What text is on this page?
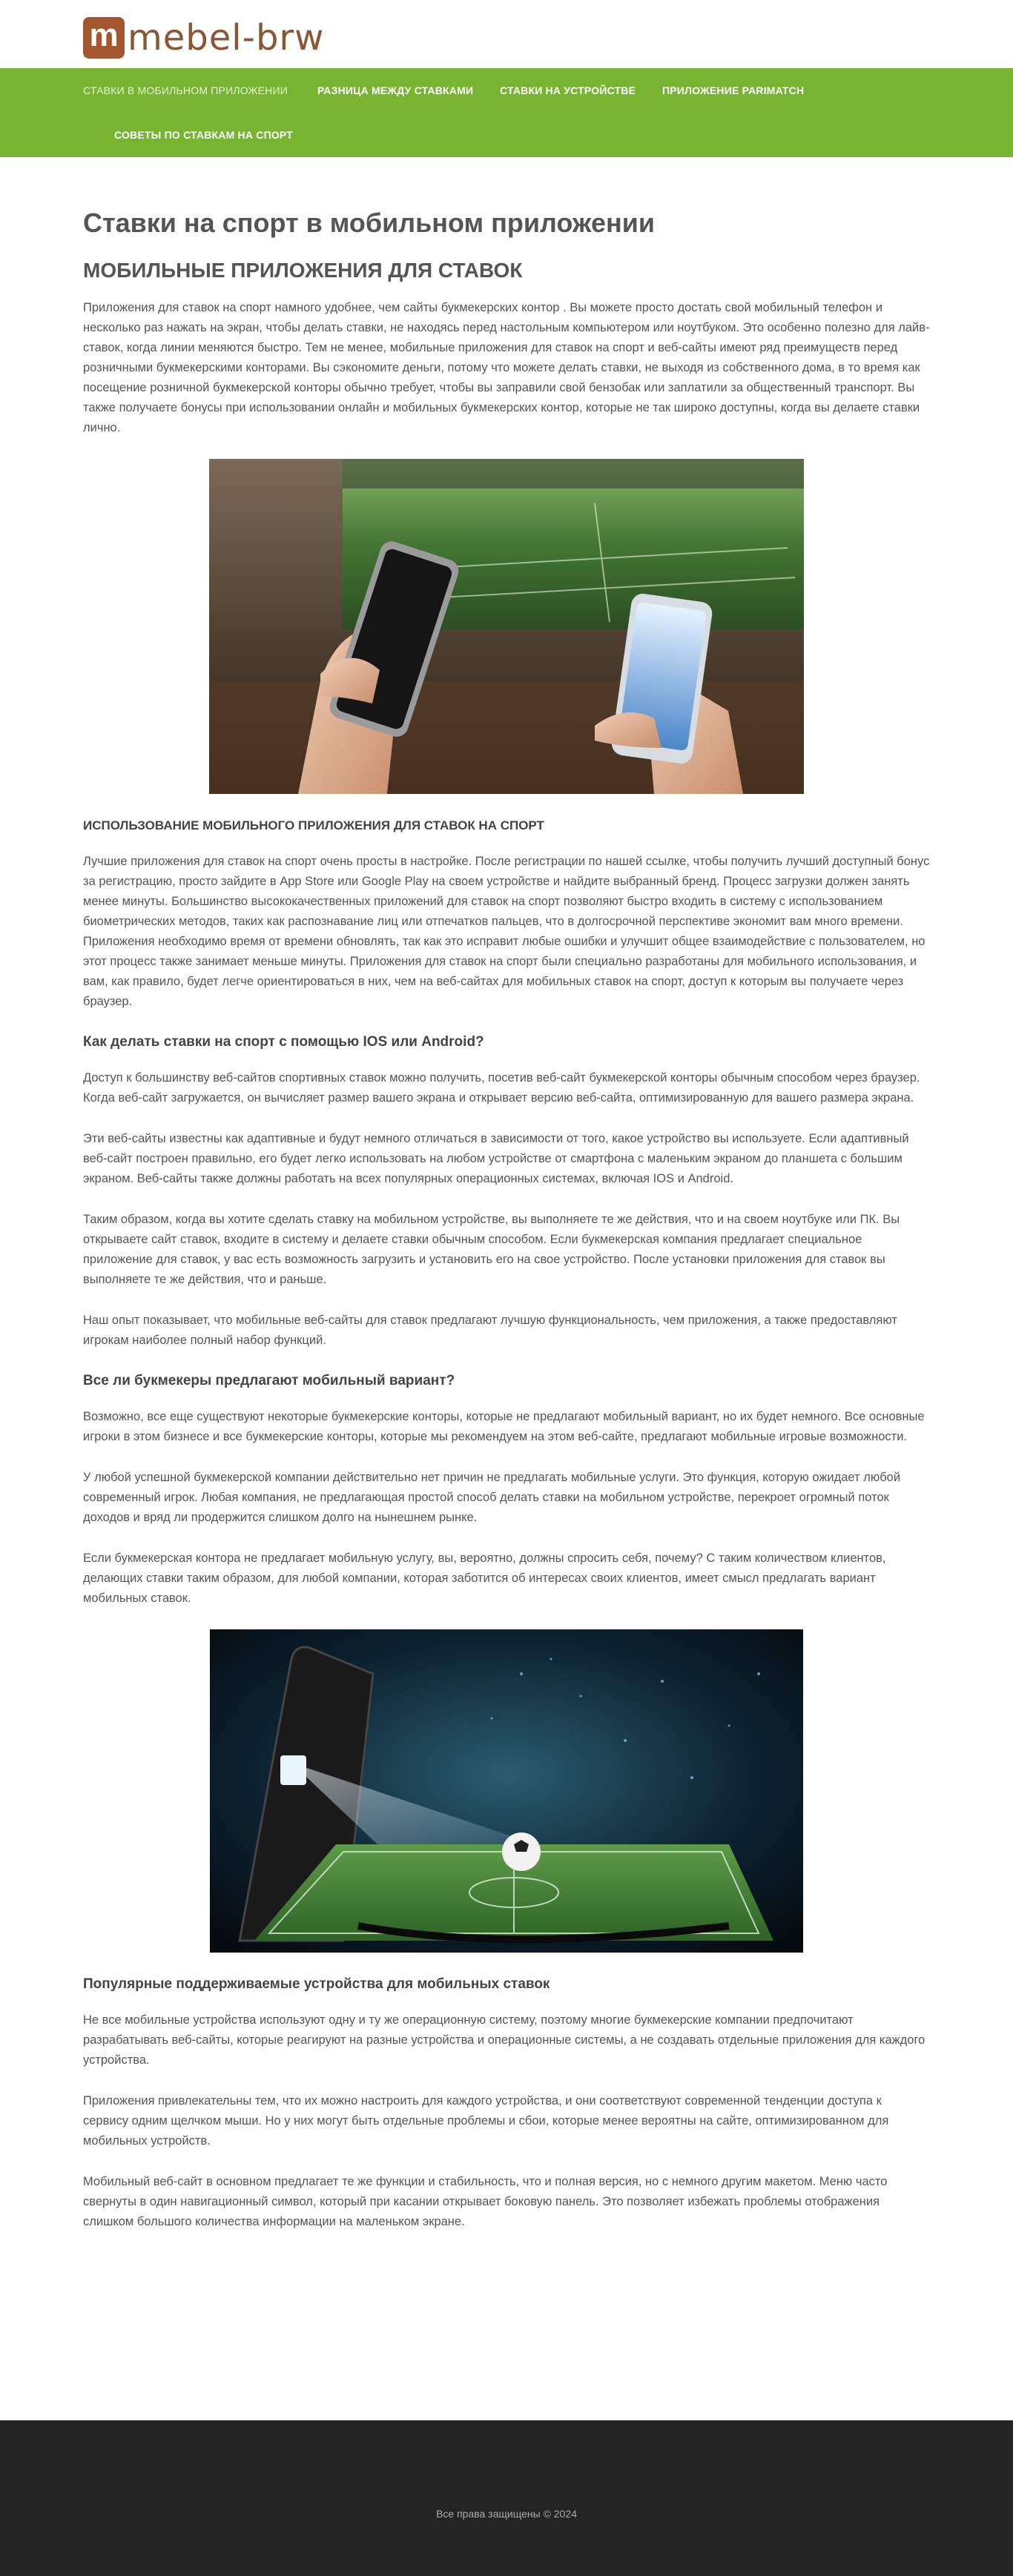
m mebel-brw
СТАВКИ В МОБИЛЬНОМ ПРИЛОЖЕНИИ	РАЗНИЦА МЕЖДУ СТАВКАМИ	СТАВКИ НА УСТРОЙСТВЕ	ПРИЛОЖЕНИЕ PARIMATCH
СОВЕТЫ ПО СТАВКАМ НА СПОРТ
Ставки на спорт в мобильном приложении
МОБИЛЬНЫЕ ПРИЛОЖЕНИЯ ДЛЯ СТАВОК

Приложения для ставок на спорт намного удобнее, чем сайты букмекерских контор . Вы можете просто достать свой мобильный телефон и несколько раз нажать на экран, чтобы делать ставки, не находясь перед настольным компьютером или ноутбуком. Это особенно полезно для лайв-ставок, когда линии меняются быстро. Тем не менее, мобильные приложения для ставок на спорт и веб-сайты имеют ряд преимуществ перед розничными букмекерскими конторами. Вы сэкономите деньги, потому что можете делать ставки, не выходя из собственного дома, в то время как посещение розничной букмекерской конторы обычно требует, чтобы вы заправили свой бензобак или заплатили за общественный транспорт. Вы также получаете бонусы при использовании онлайн и мобильных букмекерских контор, которые не так широко доступны, когда вы делаете ставки лично.

ИСПОЛЬЗОВАНИЕ МОБИЛЬНОГО ПРИЛОЖЕНИЯ ДЛЯ СТАВОК НА СПОРТ

Лучшие приложения для ставок на спорт очень просты в настройке. После регистрации по нашей ссылке, чтобы получить лучший доступный бонус за регистрацию, просто зайдите в App Store или Google Play на своем устройстве и найдите выбранный бренд. Процесс загрузки должен занять менее минуты. Большинство высококачественных приложений для ставок на спорт позволяют быстро входить в систему с использованием биометрических методов, таких как распознавание лиц или отпечатков пальцев, что в долгосрочной перспективе экономит вам много времени. Приложения необходимо время от времени обновлять, так как это исправит любые ошибки и улучшит общее взаимодействие с пользователем, но этот процесс также занимает меньше минуты. Приложения для ставок на спорт были специально разработаны для мобильного использования, и вам, как правило, будет легче ориентироваться в них, чем на веб-сайтах для мобильных ставок на спорт, доступ к которым вы получаете через браузер.

Как делать ставки на спорт с помощью IOS или Android?

Доступ к большинству веб-сайтов спортивных ставок можно получить, посетив веб-сайт букмекерской конторы обычным способом через браузер. Когда веб-сайт загружается, он вычисляет размер вашего экрана и открывает версию веб-сайта, оптимизированную для вашего размера экрана.

Эти веб-сайты известны как адаптивные и будут немного отличаться в зависимости от того, какое устройство вы используете. Если адаптивный веб-сайт построен правильно, его будет легко использовать на любом устройстве от смартфона с маленьким экраном до планшета с большим экраном. Веб-сайты также должны работать на всех популярных операционных системах, включая IOS и Android.

Таким образом, когда вы хотите сделать ставку на мобильном устройстве, вы выполняете те же действия, что и на своем ноутбуке или ПК. Вы открываете сайт ставок, входите в систему и делаете ставки обычным способом. Если букмекерская компания предлагает специальное приложение для ставок, у вас есть возможность загрузить и установить его на свое устройство. После установки приложения для ставок вы выполняете те же действия, что и раньше.

Наш опыт показывает, что мобильные веб-сайты для ставок предлагают лучшую функциональность, чем приложения, а также предоставляют игрокам наиболее полный набор функций.

Все ли букмекеры предлагают мобильный вариант?

Возможно, все еще существуют некоторые букмекерские конторы, которые не предлагают мобильный вариант, но их будет немного. Все основные игроки в этом бизнесе и все букмекерские конторы, которые мы рекомендуем на этом веб-сайте, предлагают мобильные игровые возможности.

У любой успешной букмекерской компании действительно нет причин не предлагать мобильные услуги. Это функция, которую ожидает любой современный игрок. Любая компания, не предлагающая простой способ делать ставки на мобильном устройстве, перекроет огромный поток доходов и вряд ли продержится слишком долго на нынешнем рынке.

Если букмекерская контора не предлагает мобильную услугу, вы, вероятно, должны спросить себя, почему? С таким количеством клиентов, делающих ставки таким образом, для любой компании, которая заботится об интересах своих клиентов, имеет смысл предлагать вариант мобильных ставок.

Популярные поддерживаемые устройства для мобильных ставок

Не все мобильные устройства используют одну и ту же операционную систему, поэтому многие букмекерские компании предпочитают разрабатывать веб-сайты, которые реагируют на разные устройства и операционные системы, а не создавать отдельные приложения для каждого устройства.

Приложения привлекательны тем, что их можно настроить для каждого устройства, и они соответствуют современной тенденции доступа к сервису одним щелчком мыши. Но у них могут быть отдельные проблемы и сбои, которые менее вероятны на сайте, оптимизированном для мобильных устройств.

Мобильный веб-сайт в основном предлагает те же функции и стабильность, что и полная версия, но с немного другим макетом. Меню часто свернуты в один навигационный символ, который при касании открывает боковую панель. Это позволяет избежать проблемы отображения слишком большого количества информации на маленьком экране.

Все права защищены © 2024
